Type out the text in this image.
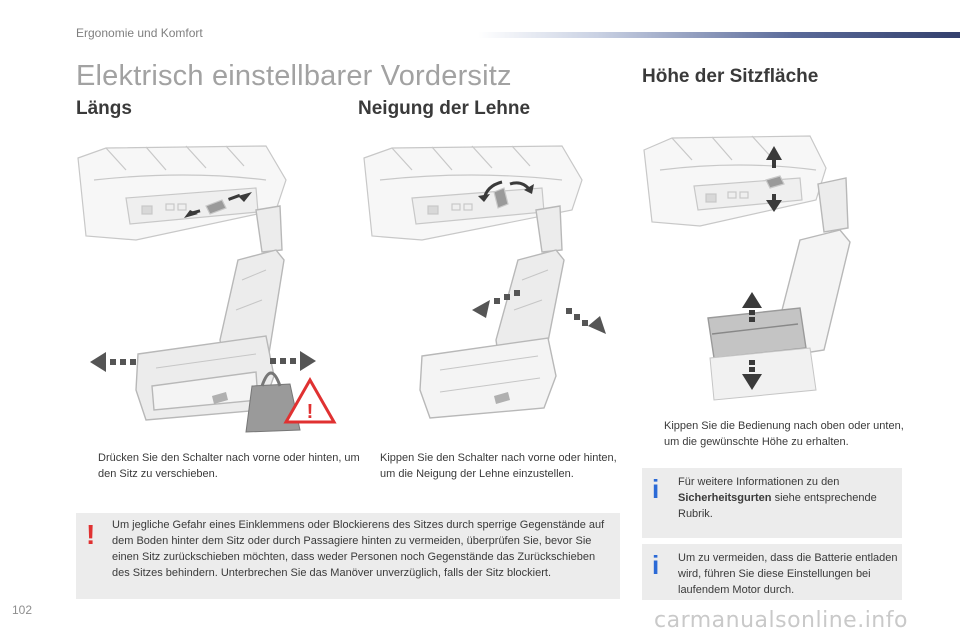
Ergonomie und Komfort
Elektrisch einstellbarer Vordersitz
Längs	Neigung der Lehne
Höhe der Sitzfläche
!
Drücken Sie den Schalter nach vorne oder hinten, um den Sitz zu verschieben.
Kippen Sie den Schalter nach vorne oder hinten, um die Neigung der Lehne einzustellen.
Kippen Sie die Bedienung nach oben oder unten, um die gewünschte Höhe zu erhalten.
! Um jegliche Gefahr eines Einklemmens oder Blockierens des Sitzes durch sperrige Gegenstände auf dem Boden hinter dem Sitz oder durch Passagiere hinten zu vermeiden, überprüfen Sie, bevor Sie einen Sitz zurückschieben möchten, dass weder Personen noch Gegenstände das Zurückschieben des Sitzes behindern. Unterbrechen Sie das Manöver unverzüglich, falls der Sitz blockiert.
i Für weitere Informationen zu den Sicherheitsgurten siehe entsprechende Rubrik.
i Um zu vermeiden, dass die Batterie entladen wird, führen Sie diese Einstellungen bei laufendem Motor durch.
102	carmanualsonline.info
